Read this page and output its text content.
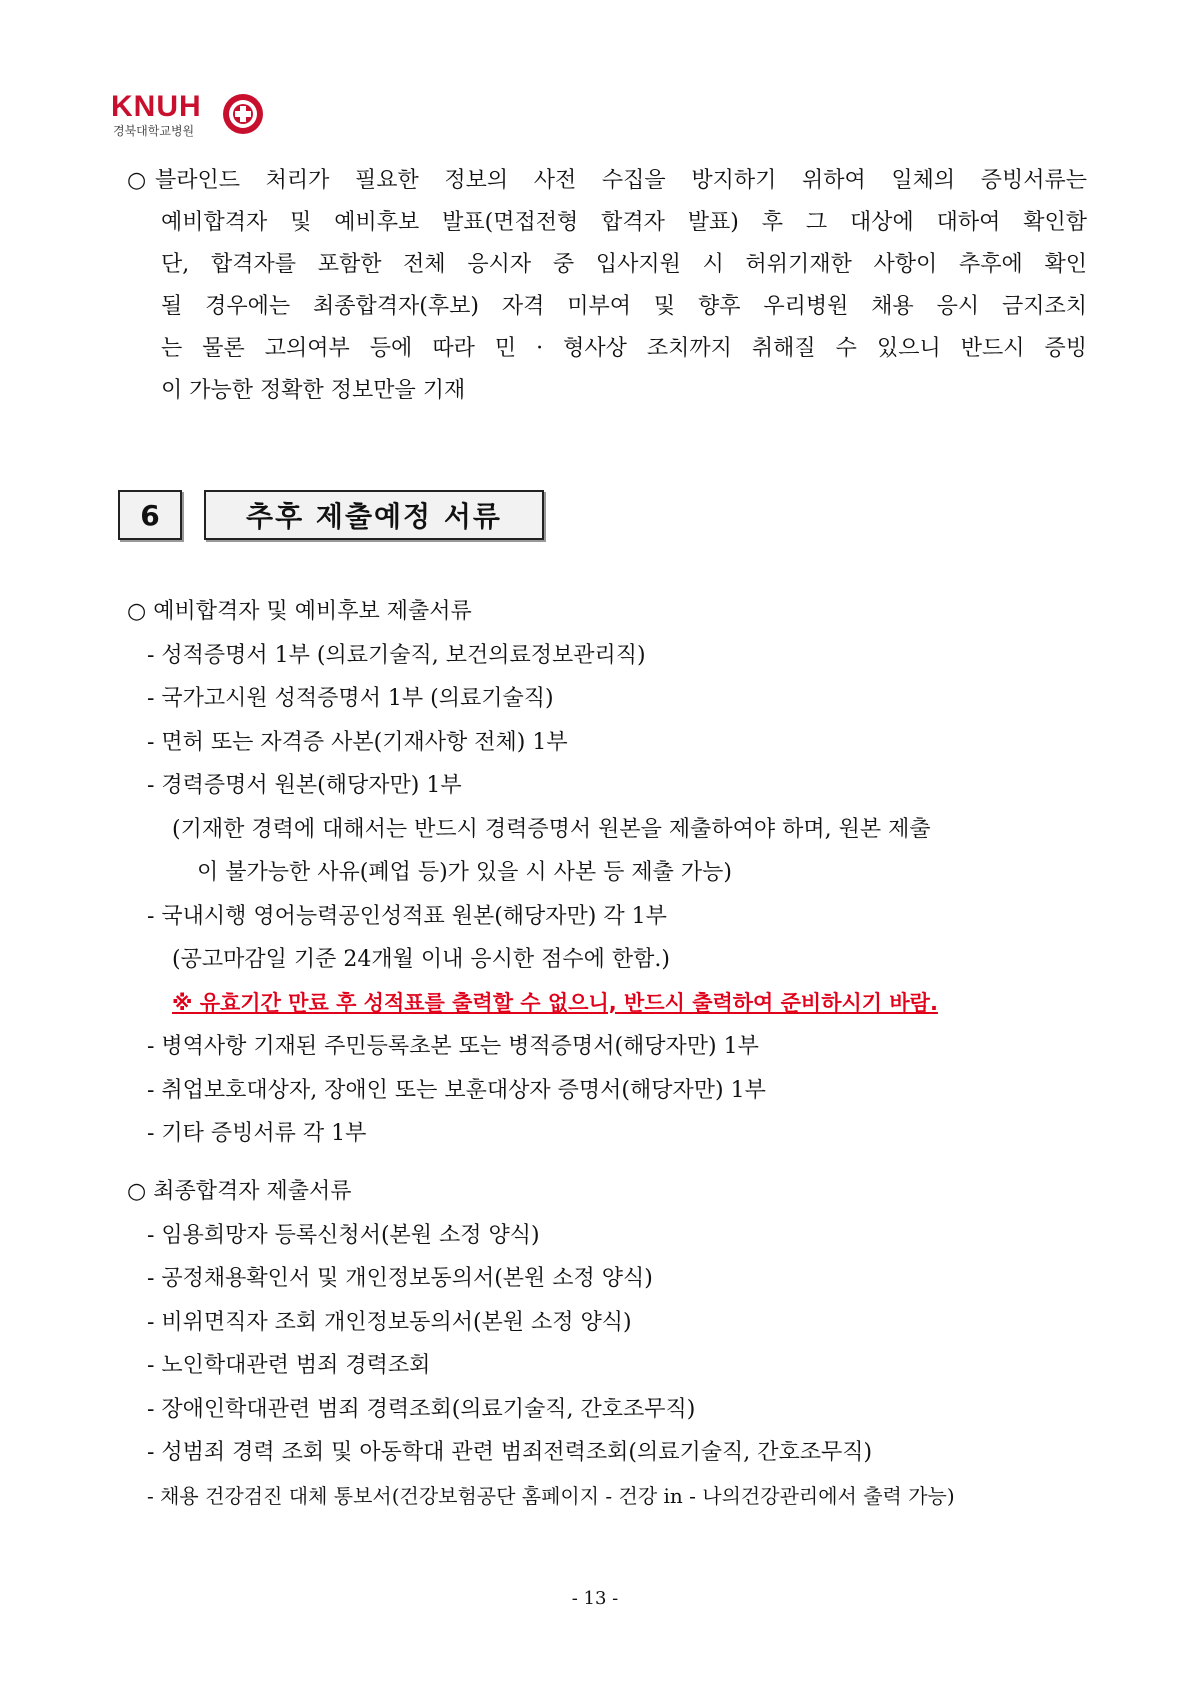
KNUH
경북대학교병원
○ 블라인드 처리가 필요한 정보의 사전 수집을 방지하기 위하여 일체의 증빙서류는
예비합격자 및 예비후보 발표(면접전형 합격자 발표) 후 그 대상에 대하여 확인함
단, 합격자를 포함한 전체 응시자 중 입사지원 시 허위기재한 사항이 추후에 확인
될 경우에는 최종합격자(후보) 자격 미부여 및 향후 우리병원 채용 응시 금지조치
는 물론 고의여부 등에 따라 민 · 형사상 조치까지 취해질 수 있으니 반드시 증빙
이 가능한 정확한 정보만을 기재
6	추후 제출예정 서류
○ 예비합격자 및 예비후보 제출서류
- 성적증명서 1부 (의료기술직, 보건의료정보관리직)
- 국가고시원 성적증명서 1부 (의료기술직)
- 면허 또는 자격증 사본(기재사항 전체) 1부
- 경력증명서 원본(해당자만) 1부
(기재한 경력에 대해서는 반드시 경력증명서 원본을 제출하여야 하며, 원본 제출
이 불가능한 사유(폐업 등)가 있을 시 사본 등 제출 가능)
- 국내시행 영어능력공인성적표 원본(해당자만) 각 1부
(공고마감일 기준 24개월 이내 응시한 점수에 한함.)
※ 유효기간 만료 후 성적표를 출력할 수 없으니, 반드시 출력하여 준비하시기 바람.
- 병역사항 기재된 주민등록초본 또는 병적증명서(해당자만) 1부
- 취업보호대상자, 장애인 또는 보훈대상자 증명서(해당자만) 1부
- 기타 증빙서류 각 1부
○ 최종합격자 제출서류
- 임용희망자 등록신청서(본원 소정 양식)
- 공정채용확인서 및 개인정보동의서(본원 소정 양식)
- 비위면직자 조회 개인정보동의서(본원 소정 양식)
- 노인학대관련 범죄 경력조회
- 장애인학대관련 범죄 경력조회(의료기술직, 간호조무직)
- 성범죄 경력 조회 및 아동학대 관련 범죄전력조회(의료기술직, 간호조무직)
- 채용 건강검진 대체 통보서(건강보험공단 홈페이지 - 건강 in - 나의건강관리에서 출력 가능)
- 13 -
